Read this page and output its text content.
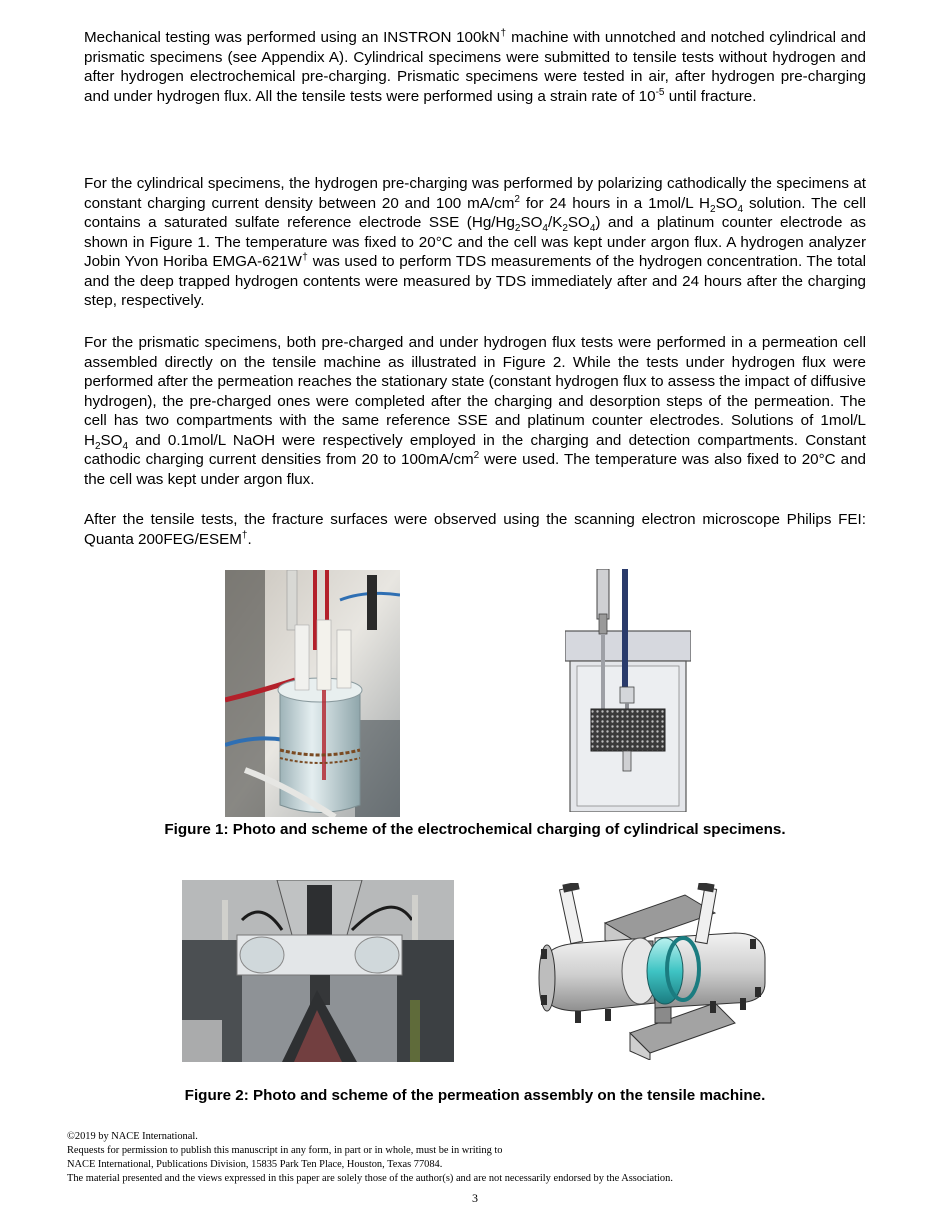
Mechanical testing was performed using an INSTRON 100kN† machine with unnotched and notched cylindrical and prismatic specimens (see Appendix A). Cylindrical specimens were submitted to tensile tests without hydrogen and after hydrogen electrochemical pre-charging. Prismatic specimens were tested in air, after hydrogen pre-charging and under hydrogen flux. All the tensile tests were performed using a strain rate of $10^{-5}$ until fracture.

For the cylindrical specimens, the hydrogen pre-charging was performed by polarizing cathodically the specimens at constant charging current density between 20 and 100 $mA/cm^2$ for 24 hours in a 1mol/L $H_2SO_4$ solution. The cell contains a saturated sulfate reference electrode SSE $(Hg/Hg_2SO_4/K_2SO_4)$ and a platinum counter electrode as shown in Figure 1. The temperature was fixed to 20°C and the cell was kept under argon flux. A hydrogen analyzer Jobin Yvon Horiba EMGA-621W† was used to perform TDS measurements of the hydrogen concentration. The total and the deep trapped hydrogen contents were measured by TDS immediately after and 24 hours after the charging step, respectively.

For the prismatic specimens, both pre-charged and under hydrogen flux tests were performed in a permeation cell assembled directly on the tensile machine as illustrated in Figure 2. While the tests under hydrogen flux were performed after the permeation reaches the stationary state (constant hydrogen flux to assess the impact of diffusive hydrogen), the pre-charged ones were completed after the charging and desorption steps of the permeation. The cell has two compartments with the same reference SSE and platinum counter electrodes. Solutions of 1mol/L $H_2SO_4$ and 0.1mol/L NaOH were respectively employed in the charging and detection compartments. Constant cathodic charging current densities from 20 to $100mA/cm^2$ were used. The temperature was also fixed to 20°C and the cell was kept under argon flux.

After the tensile tests, the fracture surfaces were observed using the scanning electron microscope Philips FEI: Quanta 200FEG/ESEM†.

Figure 1: Photo and scheme of the electrochemical charging of cylindrical specimens.
Figure 2: Photo and scheme of the permeation assembly on the tensile machine.
©2019 by NACE International.
Requests for permission to publish this manuscript in any form, in part or in whole, must be in writing to
NACE International, Publications Division, 15835 Park Ten Place, Houston, Texas 77084.
The material presented and the views expressed in this paper are solely those of the author(s) and are not necessarily endorsed by the Association.
3
